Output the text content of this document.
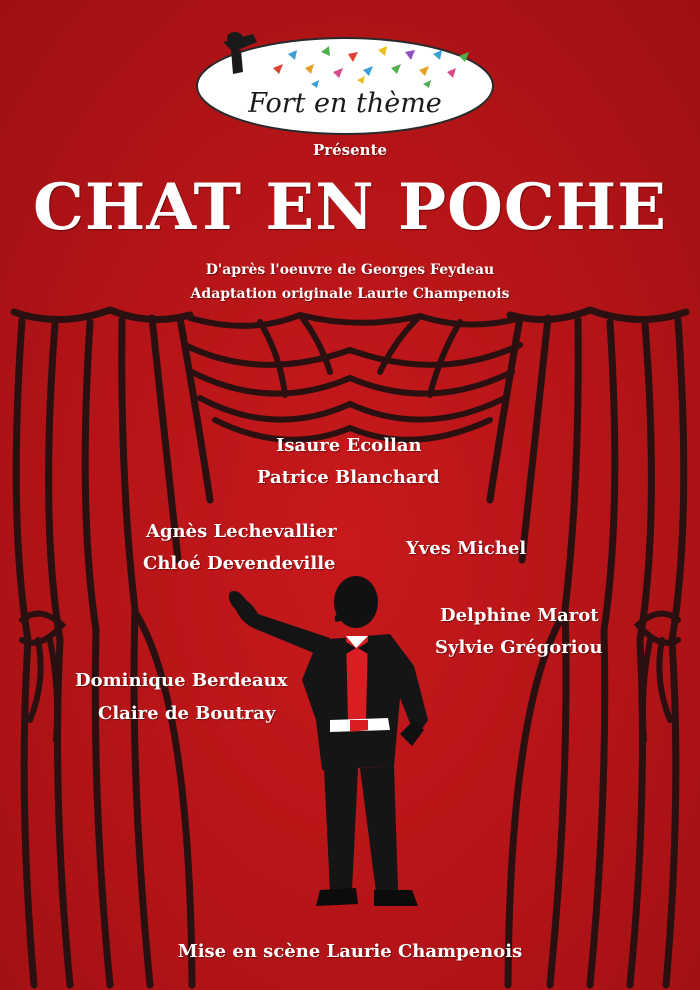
Fort en thème
Présente
CHAT EN POCHE
D'après l'oeuvre de Georges Feydeau
Adaptation originale Laurie Champenois
Isaure Ecollan
Patrice Blanchard
Agnès Lechevallier
Chloé Devendeville
Yves Michel
Delphine Marot
Sylvie Grégoriou
Dominique Berdeaux
Claire de Boutray
Mise en scène Laurie Champenois
